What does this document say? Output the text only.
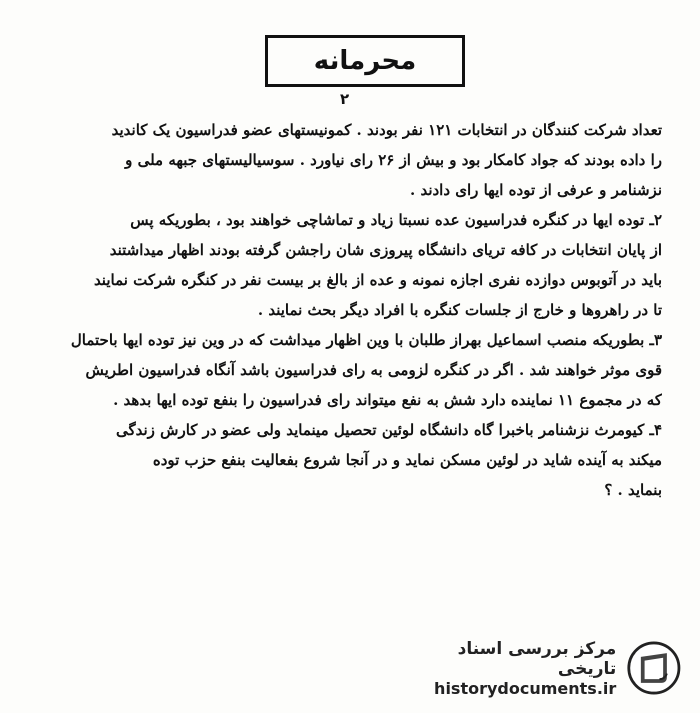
محرمانه
۲
تعداد شرکت کنندگان در انتخابات ۱۲۱ نفر بودند . کمونیستهای عضو فدراسیون یک کاندید
را داده بودند که جواد کامکار بود و بیش از ۲۶ رای نیاورد . سوسیالیستهای جبهه ملی و
نزشنامر و عرفی از توده ایها رای دادند .
۲ـ توده ایها در کنگره فدراسیون عده نسبتا زیاد و تماشاچی خواهند بود ، بطوریکه پس
از پایان انتخابات در کافه تریای دانشگاه پیروزی شان راجشن گرفته بودند اظهار میداشتند
باید در آتوبوس دوازده نفری اجازه نمونه و عده از بالغ بر بیست نفر در کنگره شرکت نمایند
تا در راهروها و خارج از جلسات کنگره با افراد دیگر بحث نمایند .
۳ـ بطوریکه منصب اسماعیل بهراز طلبان با وین اظهار میداشت که در وین نیز توده ایها باحتمال
قوی موثر خواهند شد . اگر در کنگره لزومی به رای فدراسیون باشد آنگاه فدراسیون اطریش
که در مجموع ۱۱ نماینده دارد شش به نفع میتواند رای فدراسیون را بنفع توده ایها بدهد .
۴ـ کیومرث نزشنامر باخبرا گاه دانشگاه لوئین تحصیل مینماید ولی عضو در کارش زندگی
میکند به آینده شاید در لوئین مسکن نماید و در آنجا شروع بفعالیت بنفع حزب توده
بنماید . ؟
مرکز بررسی اسناد تاریخی
historydocuments.ir
